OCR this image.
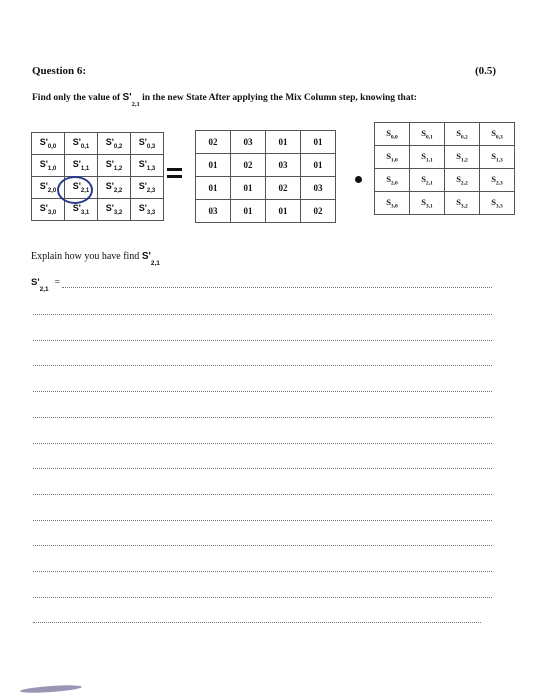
Question 6:	(0.5)
Find only the value of $S'_{2,1}$ in the new State After applying the Mix Column step, knowing that:
$S'_{0,0}$	$S'_{0,1}$	$S'_{0,2}$	$S'_{0,3}$
$S'_{1,0}$	$S'_{1,1}$	$S'_{1,2}$	$S'_{1,3}$
$S'_{2,0}$	$S'_{2,1}$	$S'_{2,2}$	$S'_{2,3}$
$S'_{3,0}$	$S'_{3,1}$	$S'_{3,2}$	$S'_{3,3}$
02	03	01	01
01	02	03	01
01	01	02	03
03	01	01	02
$S_{0,0}$	$S_{0,1}$	$S_{0,2}$	$S_{0,3}$
$S_{1,0}$	$S_{1,1}$	$S_{1,2}$	$S_{1,3}$
$S_{2,0}$	$S_{2,1}$	$S_{2,2}$	$S_{2,3}$
$S_{3,0}$	$S_{3,1}$	$S_{3,2}$	$S_{3,3}$
Explain how you have find $S'_{2,1}$
$S'_{2,1}=$
